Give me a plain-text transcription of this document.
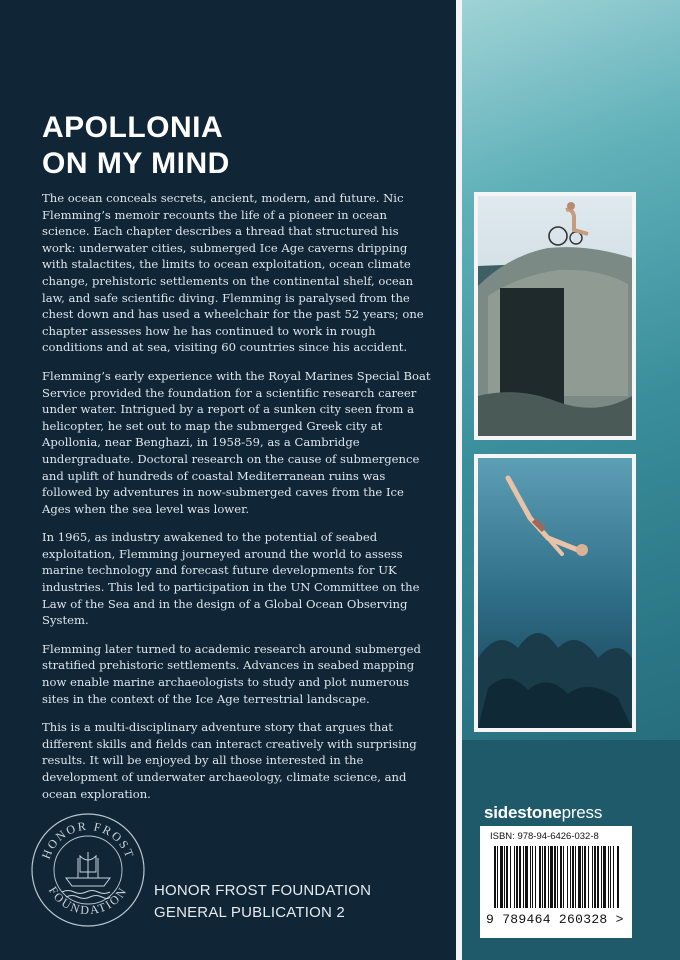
APOLLONIA
ON MY MIND

The ocean conceals secrets, ancient, modern, and future. Nic Flemming’s memoir recounts the life of a pioneer in ocean science. Each chapter describes a thread that structured his work: underwater cities, submerged Ice Age caverns dripping with stalactites, the limits to ocean exploitation, ocean climate change, prehistoric settlements on the continental shelf, ocean law, and safe scientific diving. Flemming is paralysed from the chest down and has used a wheelchair for the past 52 years; one chapter assesses how he has continued to work in rough conditions and at sea, visiting 60 countries since his accident.

Flemming’s early experience with the Royal Marines Special Boat Service provided the foundation for a scientific research career under water. Intrigued by a report of a sunken city seen from a helicopter, he set out to map the submerged Greek city at Apollonia, near Benghazi, in 1958-59, as a Cambridge undergraduate. Doctoral research on the cause of submergence and uplift of hundreds of coastal Mediterranean ruins was followed by adventures in now-submerged caves from the Ice Ages when the sea level was lower.

In 1965, as industry awakened to the potential of seabed exploitation, Flemming journeyed around the world to assess marine technology and forecast future developments for UK industries. This led to participation in the UN Committee on the Law of the Sea and in the design of a Global Ocean Observing System.

Flemming later turned to academic research around submerged stratified prehistoric settlements. Advances in seabed mapping now enable marine archaeologists to study and plot numerous sites in the context of the Ice Age terrestrial landscape.

This is a multi-disciplinary adventure story that argues that different skills and fields can interact creatively with surprising results. It will be enjoyed by all those interested in the development of underwater archaeology, climate science, and ocean exploration.

HONOR FROST
FOUNDATION HONOR FROST FOUNDATION
GENERAL PUBLICATION 2
sidestonepress
ISBN: 978-94-6426-032-8
9 789464 260328 >
